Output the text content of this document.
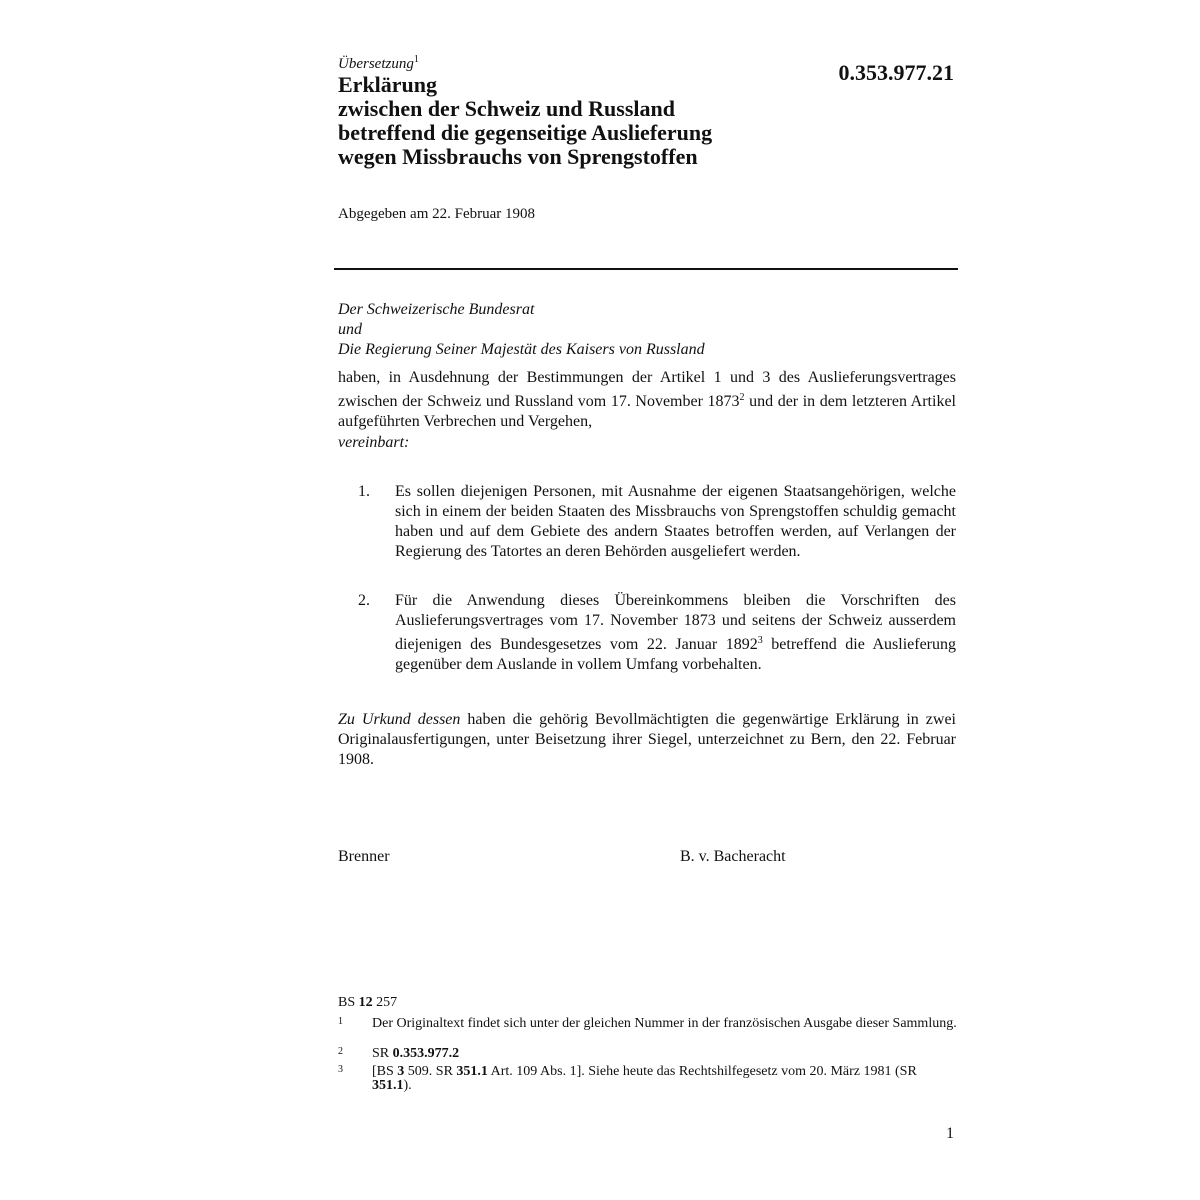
Übersetzung$^1$
0.353.977.21
Erklärung
zwischen der Schweiz und Russland
betreffend die gegenseitige Auslieferung
wegen Missbrauchs von Sprengstoffen
Abgegeben am 22. Februar 1908
Der Schweizerische Bundesrat
und
Die Regierung Seiner Majestät des Kaisers von Russland
haben, in Ausdehnung der Bestimmungen der Artikel 1 und 3 des Auslieferungsvertrages zwischen der Schweiz und Russland vom 17. November 1873$^2$ und der in dem letzteren Artikel aufgeführten Verbrechen und Vergehen,
vereinbart:
1. Es sollen diejenigen Personen, mit Ausnahme der eigenen Staatsangehörigen, welche sich in einem der beiden Staaten des Missbrauchs von Sprengstoffen schuldig gemacht haben und auf dem Gebiete des andern Staates betroffen werden, auf Verlangen der Regierung des Tatortes an deren Behörden ausgeliefert werden.
2. Für die Anwendung dieses Übereinkommens bleiben die Vorschriften des Auslieferungsvertrages vom 17. November 1873 und seitens der Schweiz ausserdem diejenigen des Bundesgesetzes vom 22. Januar 1892$^3$ betreffend die Auslieferung gegenüber dem Auslande in vollem Umfang vorbehalten.
Zu Urkund dessen haben die gehörig Bevollmächtigten die gegenwärtige Erklärung in zwei Originalausfertigungen, unter Beisetzung ihrer Siegel, unterzeichnet zu Bern, den 22. Februar 1908.
Brenner	B. v. Bacheracht
BS 12 257
1 Der Originaltext findet sich unter der gleichen Nummer in der französischen Ausgabe dieser Sammlung.
2 SR 0.353.977.2
3 [BS 3 509. SR 351.1 Art. 109 Abs. 1]. Siehe heute das Rechtshilfegesetz vom 20. März 1981 (SR 351.1).
1
